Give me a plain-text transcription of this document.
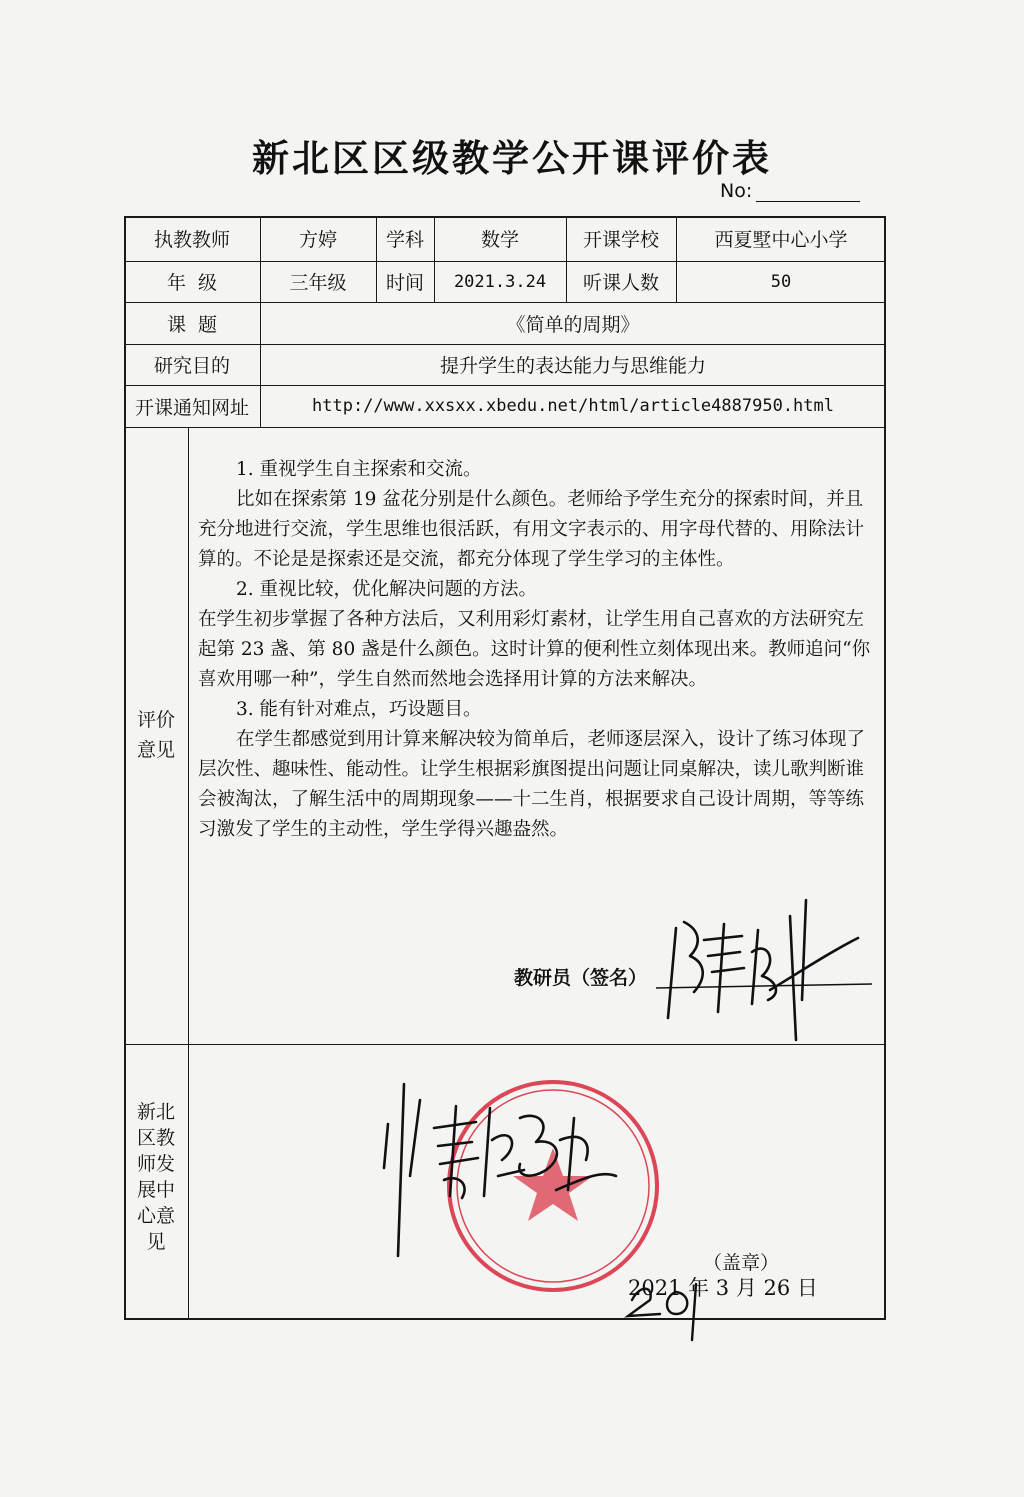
新北区区级教学公开课评价表
No:
执教教师	方婷	学科	数学	开课学校	西夏墅中心小学
年  级	三年级	时间	2021.3.24	听课人数	50
课  题	《简单的周期》
研究目的	提升学生的表达能力与思维能力
开课通知网址	http://www.xxsxx.xbedu.net/html/article4887950.html
评价
意见

1. 重视学生自主探索和交流。

比如在探索第 19 盆花分别是什么颜色。老师给予学生充分的探索时间，并且充分地进行交流，学生思维也很活跃，有用文字表示的、用字母代替的、用除法计算的。不论是是探索还是交流，都充分体现了学生学习的主体性。

2. 重视比较，优化解决问题的方法。

在学生初步掌握了各种方法后，又利用彩灯素材，让学生用自己喜欢的方法研究左起第 23 盏、第 80 盏是什么颜色。这时计算的便利性立刻体现出来。教师追问“你喜欢用哪一种”，学生自然而然地会选择用计算的方法来解决。

3. 能有针对难点，巧设题目。

在学生都感觉到用计算来解决较为简单后，老师逐层深入，设计了练习体现了层次性、趣味性、能动性。让学生根据彩旗图提出问题让同桌解决，读儿歌判断谁会被淘汰，了解生活中的周期现象——十二生肖，根据要求自己设计周期，等等练习激发了学生的主动性，学生学得兴趣盎然。

教研员（签名）
新北
区教
师发
展中
心意
见
（盖章）
2021 年 3 月 26 日
